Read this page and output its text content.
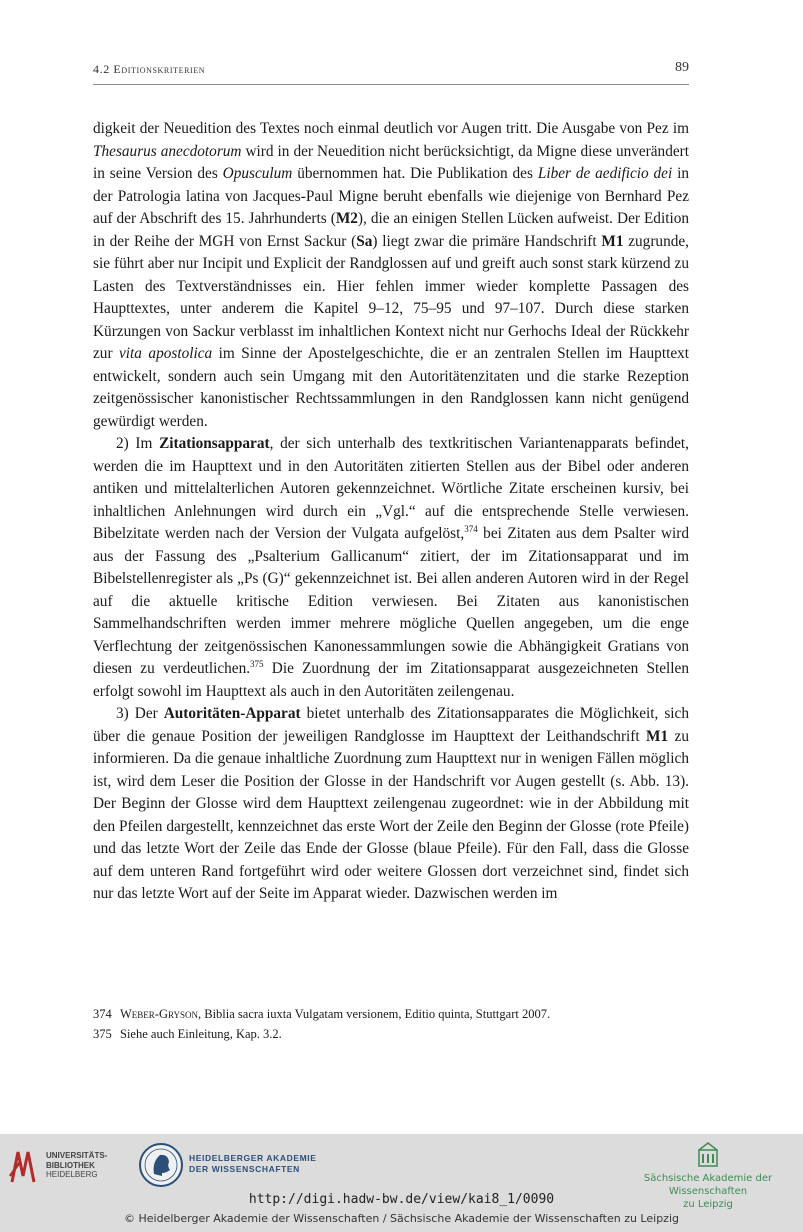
4.2 Editionskriterien	89

digkeit der Neuedition des Textes noch einmal deutlich vor Augen tritt. Die Ausgabe von Pez im Thesaurus anecdotorum wird in der Neuedition nicht berücksichtigt, da Migne diese unverändert in seine Version des Opusculum übernommen hat. Die Publikation des Liber de aedificio dei in der Patrologia latina von Jacques-Paul Migne beruht ebenfalls wie diejenige von Bernhard Pez auf der Abschrift des 15. Jahrhunderts (M2), die an einigen Stellen Lücken aufweist. Der Edition in der Reihe der MGH von Ernst Sackur (Sa) liegt zwar die primäre Handschrift M1 zugrunde, sie führt aber nur Incipit und Explicit der Randglossen auf und greift auch sonst stark kürzend zu Lasten des Textverständnisses ein. Hier fehlen immer wieder komplette Passagen des Haupttextes, unter anderem die Kapitel 9–12, 75–95 und 97–107. Durch diese starken Kürzungen von Sackur verblasst im inhaltlichen Kontext nicht nur Gerhochs Ideal der Rückkehr zur vita apostolica im Sinne der Apostelgeschichte, die er an zentralen Stellen im Haupttext entwickelt, sondern auch sein Umgang mit den Autoritätenzitaten und die starke Rezeption zeitgenössischer kanonistischer Rechtssammlungen in den Randglossen kann nicht genügend gewürdigt werden.

2) Im Zitationsapparat, der sich unterhalb des textkritischen Variantenapparats befindet, werden die im Haupttext und in den Autoritäten zitierten Stellen aus der Bibel oder anderen antiken und mittelalterlichen Autoren gekennzeichnet. Wörtliche Zitate erscheinen kursiv, bei inhaltlichen Anlehnungen wird durch ein „Vgl.“ auf die entsprechende Stelle verwiesen. Bibelzitate werden nach der Version der Vulgata aufgelöst,$^{374}$ bei Zitaten aus dem Psalter wird aus der Fassung des „Psalterium Gallicanum“ zitiert, der im Zitationsapparat und im Bibelstellenregister als „Ps (G)“ gekennzeichnet ist. Bei allen anderen Autoren wird in der Regel auf die aktuelle kritische Edition verwiesen. Bei Zitaten aus kanonistischen Sammelhandschriften werden immer mehrere mögliche Quellen angegeben, um die enge Verflechtung der zeitgenössischen Kanonessammlungen sowie die Abhängigkeit Gratians von diesen zu verdeutlichen.$^{375}$ Die Zuordnung der im Zitationsapparat ausgezeichneten Stellen erfolgt sowohl im Haupttext als auch in den Autoritäten zeilengenau.

3) Der Autoritäten-Apparat bietet unterhalb des Zitationsapparates die Möglichkeit, sich über die genaue Position der jeweiligen Randglosse im Haupttext der Leithandschrift M1 zu informieren. Da die genaue inhaltliche Zuordnung zum Haupttext nur in wenigen Fällen möglich ist, wird dem Leser die Position der Glosse in der Handschrift vor Augen gestellt (s. Abb. 13). Der Beginn der Glosse wird dem Haupttext zeilengenau zugeordnet: wie in der Abbildung mit den Pfeilen dargestellt, kennzeichnet das erste Wort der Zeile den Beginn der Glosse (rote Pfeile) und das letzte Wort der Zeile das Ende der Glosse (blaue Pfeile). Für den Fall, dass die Glosse auf dem unteren Rand fortgeführt wird oder weitere Glossen dort verzeichnet sind, findet sich nur das letzte Wort auf der Seite im Apparat wieder. Dazwischen werden im

374 Weber-Gryson, Biblia sacra iuxta Vulgatam versionem, Editio quinta, Stuttgart 2007.
375 Siehe auch Einleitung, Kap. 3.2.
UNIVERSITÄTS-
BIBLIOTHEK
HEIDELBERG
HEIDELBERGER AKADEMIE
DER WISSENSCHAFTEN
Sächsische Akademie der Wissenschaften
zu Leipzig
http://digi.hadw-bw.de/view/kai8_1/0090
© Heidelberger Akademie der Wissenschaften / Sächsische Akademie der Wissenschaften zu Leipzig
